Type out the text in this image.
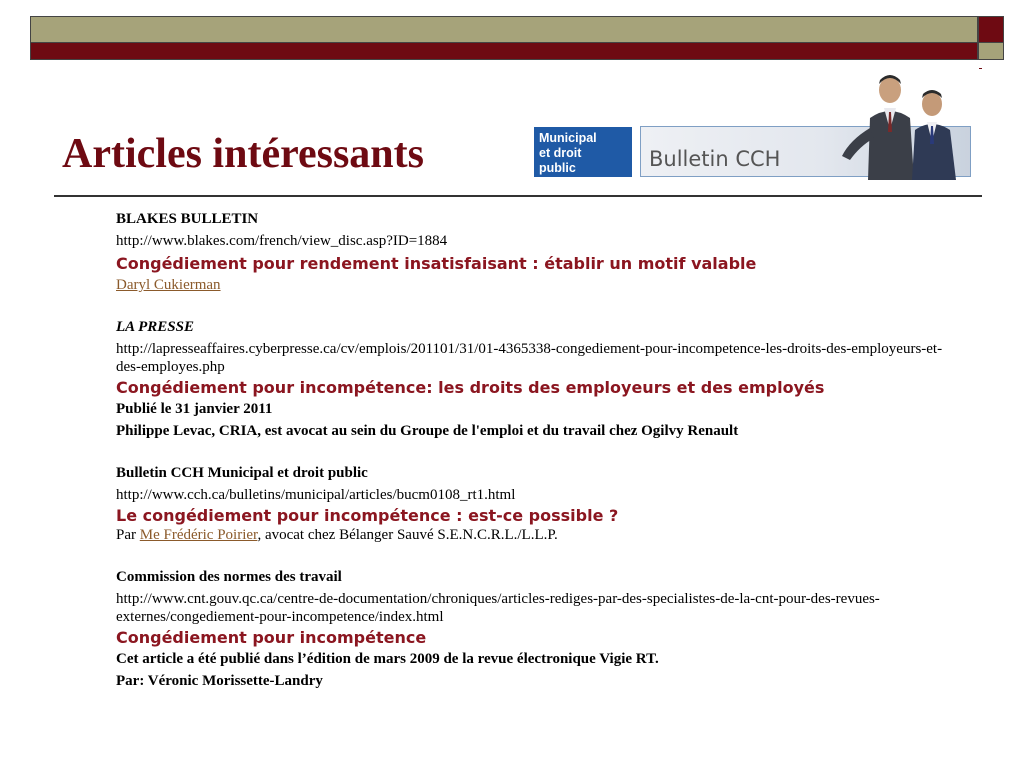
Articles intéressants	Municipal
et droit
public	Bulletin CCH
BLAKES BULLETIN
http://www.blakes.com/french/view_disc.asp?ID=1884
Congédiement pour rendement insatisfaisant : établir un motif valable
Daryl Cukierman
LA PRESSE
http://lapresseaffaires.cyberpresse.ca/cv/emplois/201101/31/01-4365338-congediement-pour-incompetence-les-droits-des-employeurs-et-des-employes.php
Congédiement pour incompétence: les droits des employeurs et des employés
Publié le 31 janvier 2011
Philippe Levac, CRIA, est avocat au sein du Groupe de l'emploi et du travail chez Ogilvy Renault
Bulletin CCH Municipal et droit public
http://www.cch.ca/bulletins/municipal/articles/bucm0108_rt1.html
Le congédiement pour incompétence : est-ce possible ?
Par Me Frédéric Poirier, avocat chez Bélanger Sauvé S.E.N.C.R.L./L.L.P.
Commission des normes des travail
http://www.cnt.gouv.qc.ca/centre-de-documentation/chroniques/articles-rediges-par-des-specialistes-de-la-cnt-pour-des-revues-externes/congediement-pour-incompetence/index.html
Congédiement pour incompétence
Cet article a été publié dans l’édition de mars 2009 de la revue électronique Vigie RT.
Par: Véronic Morissette-Landry
